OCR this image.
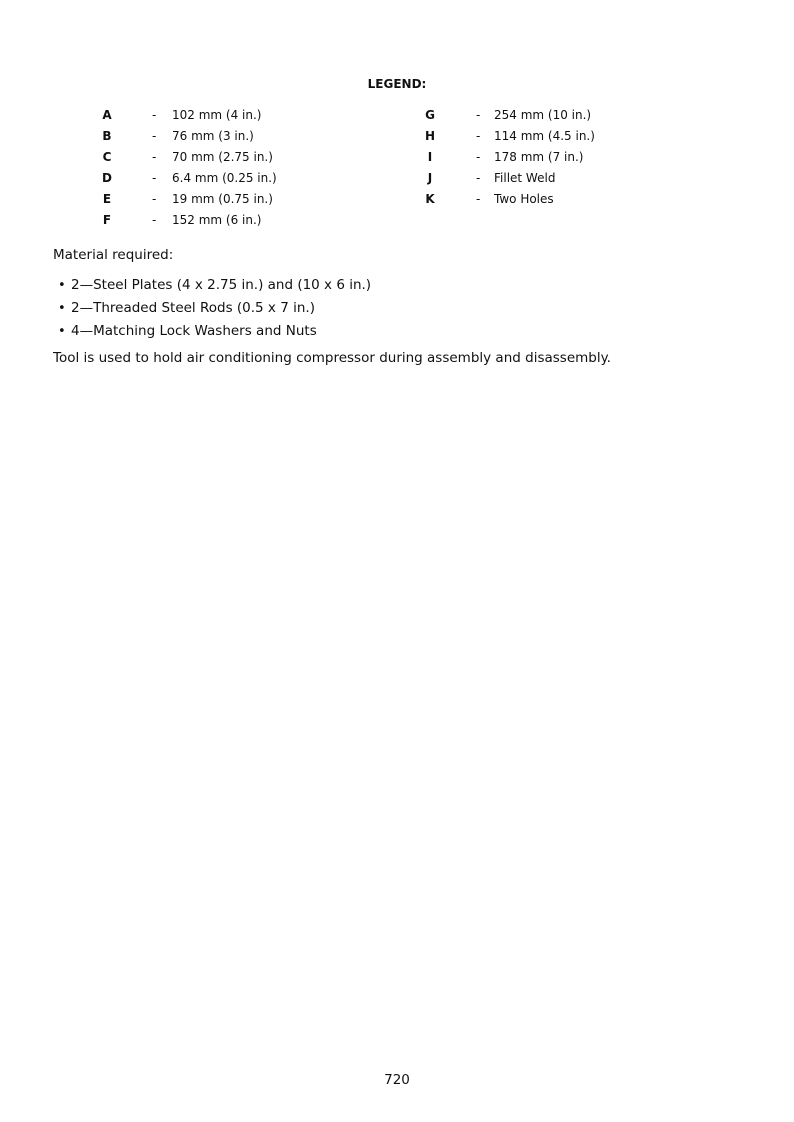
LEGEND:
A	- 102 mm (4 in.)
B	- 76 mm (3 in.)
C	- 70 mm (2.75 in.)
D	- 6.4 mm (0.25 in.)
E	- 19 mm (0.75 in.)
F	- 152 mm (6 in.)
G	- 254 mm (10 in.)
H	- 114 mm (4.5 in.)
I	- 178 mm (7 in.)
J	- Fillet Weld
K	- Two Holes
Material required:
• 2—Steel Plates (4 x 2.75 in.) and (10 x 6 in.)
• 2—Threaded Steel Rods (0.5 x 7 in.)
• 4—Matching Lock Washers and Nuts
Tool is used to hold air conditioning compressor during assembly and disassembly.
720
